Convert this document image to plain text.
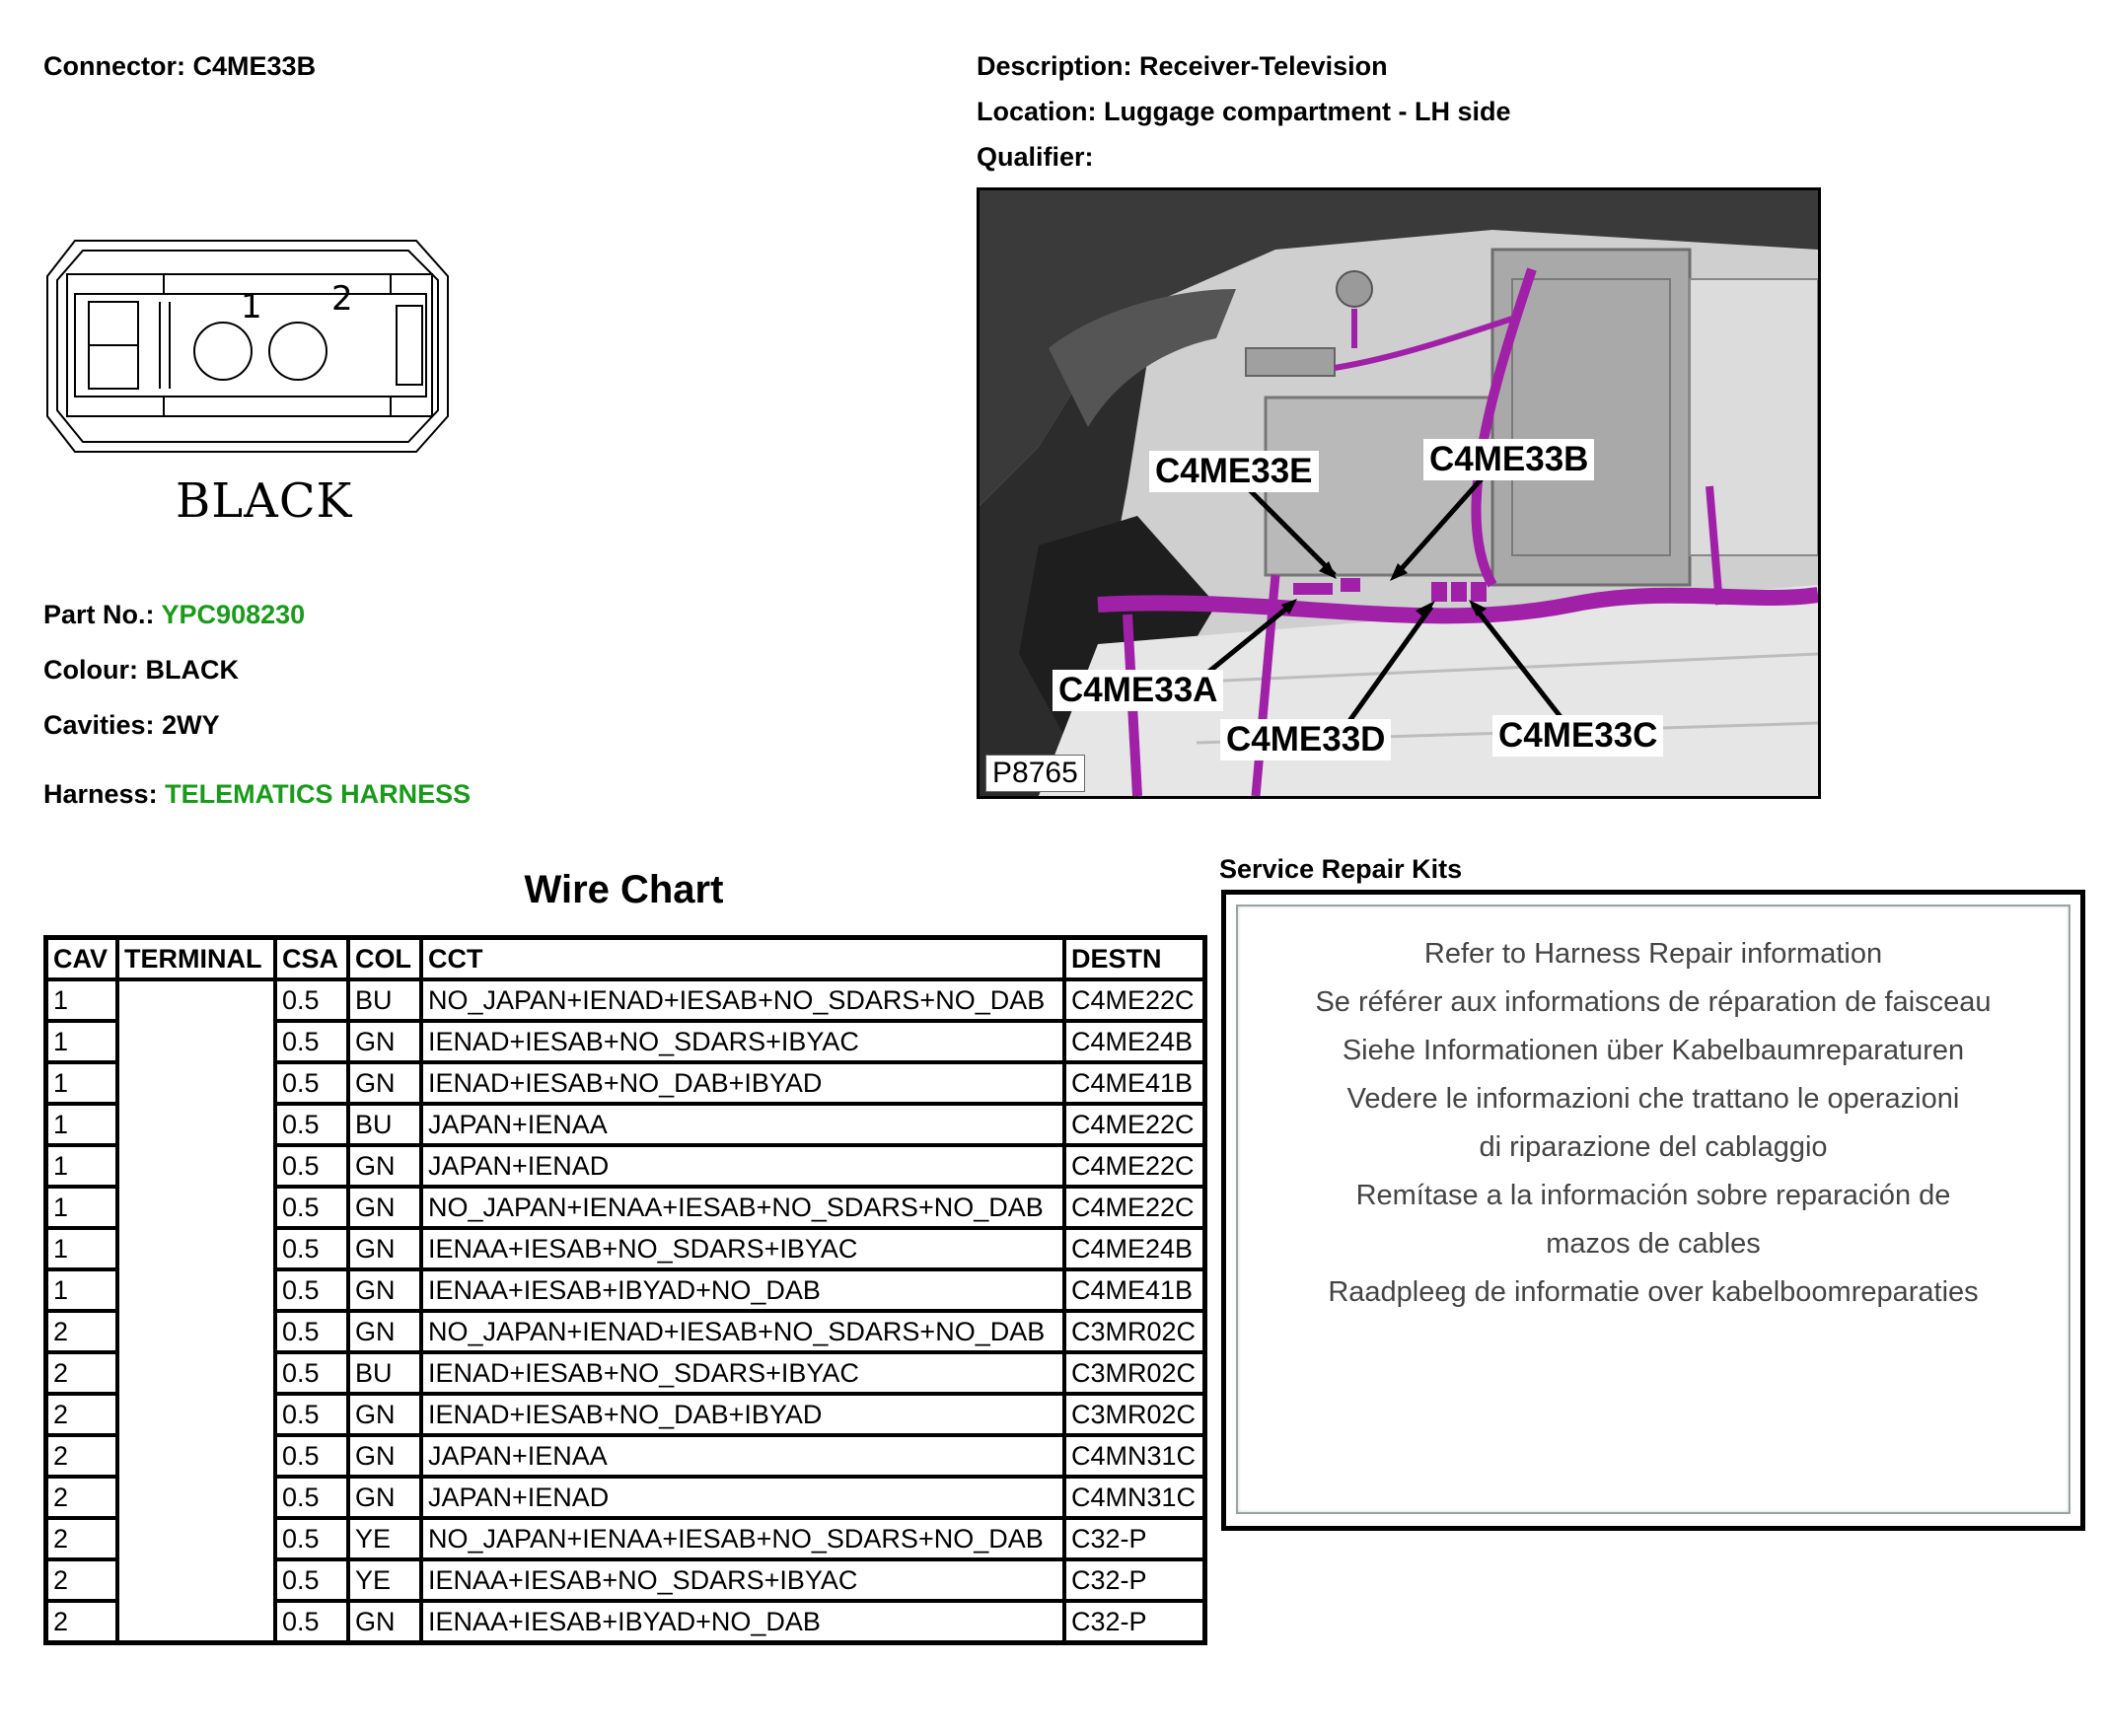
Connector: C4ME33B	Description: Receiver-Television
Location: Luggage compartment - LH side
Qualifier:
1 2
BLACK
Part No.: YPC908230
Colour: BLACK
Cavities: 2WY
Harness: TELEMATICS HARNESS
C4ME33E	C4ME33B
C4ME33A
C4ME33D	C4ME33C
P8765
Wire Chart
CAV	TERMINAL	CSA	COL	CCT	DESTN
1		0.5	BU	NO_JAPAN+IENAD+IESAB+NO_SDARS+NO_DAB	C4ME22C
1		0.5	GN	IENAD+IESAB+NO_SDARS+IBYAC	C4ME24B
1		0.5	GN	IENAD+IESAB+NO_DAB+IBYAD	C4ME41B
1		0.5	BU	JAPAN+IENAA	C4ME22C
1		0.5	GN	JAPAN+IENAD	C4ME22C
1		0.5	GN	NO_JAPAN+IENAA+IESAB+NO_SDARS+NO_DAB	C4ME22C
1		0.5	GN	IENAA+IESAB+NO_SDARS+IBYAC	C4ME24B
1		0.5	GN	IENAA+IESAB+IBYAD+NO_DAB	C4ME41B
2		0.5	GN	NO_JAPAN+IENAD+IESAB+NO_SDARS+NO_DAB	C3MR02C
2		0.5	BU	IENAD+IESAB+NO_SDARS+IBYAC	C3MR02C
2		0.5	GN	IENAD+IESAB+NO_DAB+IBYAD	C3MR02C
2		0.5	GN	JAPAN+IENAA	C4MN31C
2		0.5	GN	JAPAN+IENAD	C4MN31C
2		0.5	YE	NO_JAPAN+IENAA+IESAB+NO_SDARS+NO_DAB	C32-P
2		0.5	YE	IENAA+IESAB+NO_SDARS+IBYAC	C32-P
2		0.5	GN	IENAA+IESAB+IBYAD+NO_DAB	C32-P
Service Repair Kits
Refer to Harness Repair information
Se référer aux informations de réparation de faisceau
Siehe Informationen über Kabelbaumreparaturen
Vedere le informazioni che trattano le operazioni
di riparazione del cablaggio
Remítase a la información sobre reparación de
mazos de cables
Raadpleeg de informatie over kabelboomreparaties
